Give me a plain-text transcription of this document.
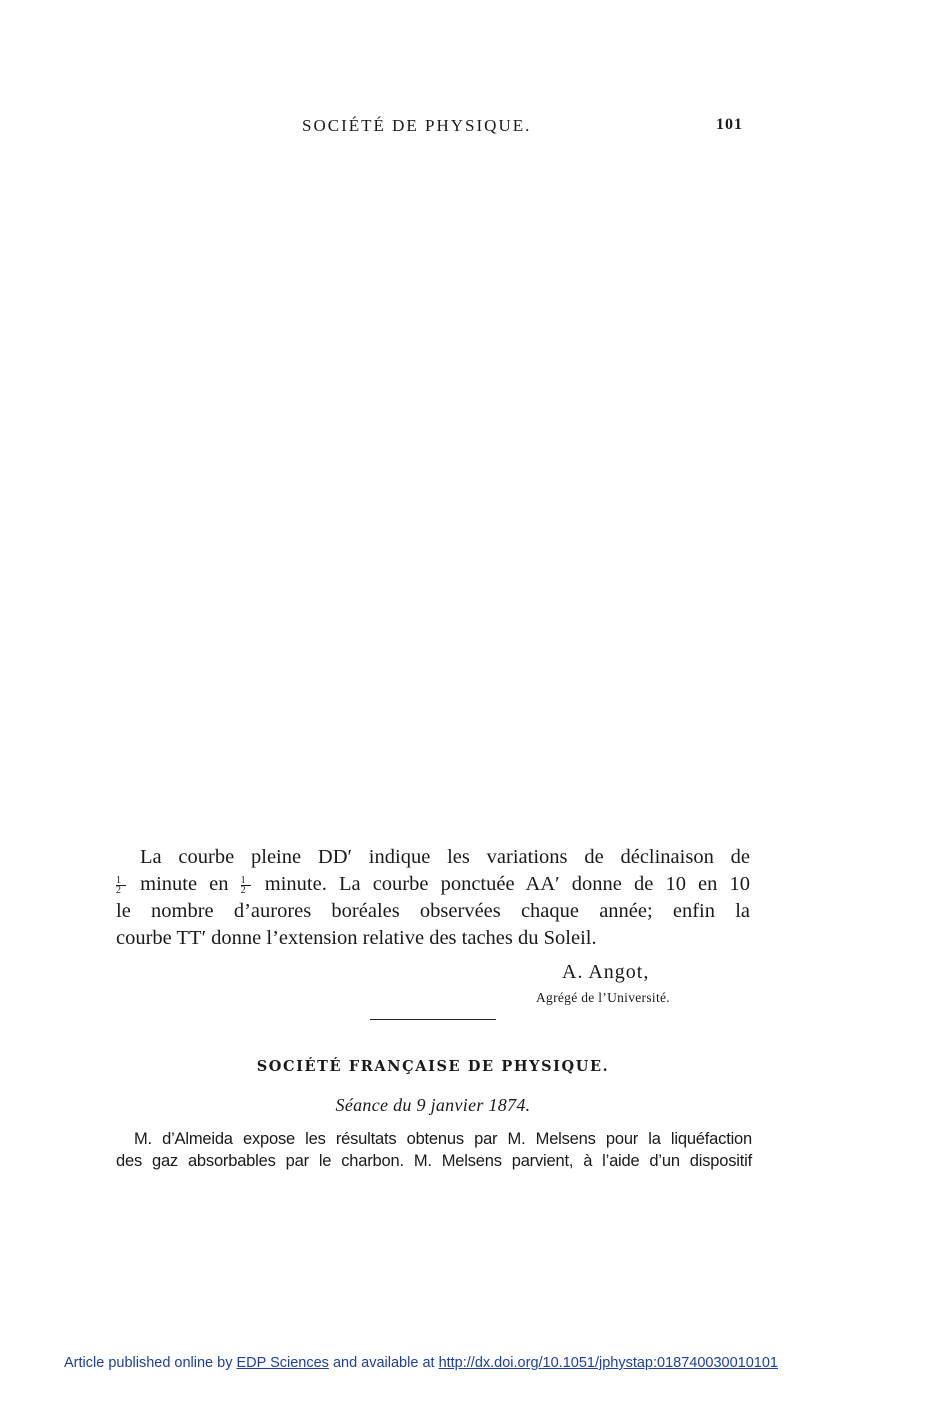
SOCIÉTÉ DE PHYSIQUE.	101

La courbe pleine DD′ indique les variations de déclinaison de
$\frac{1}{2}$ minute en $\frac{1}{2}$ minute. La courbe ponctuée AA′ donne de 10 en 10
le nombre d’aurores boréales observées chaque année; enfin la
courbe TT′ donne l’extension relative des taches du Soleil.

A. Angot,
Agrégé de l’Université.
SOCIÉTÉ FRANÇAISE DE PHYSIQUE.
Séance du 9 janvier 1874.

M. d’Almeida expose les résultats obtenus par M. Melsens pour la liquéfaction
des gaz absorbables par le charbon. M. Melsens parvient, à l’aide d’un dispositif

Article published online by EDP Sciences and available at http://dx.doi.org/10.1051/jphystap:018740030010101
